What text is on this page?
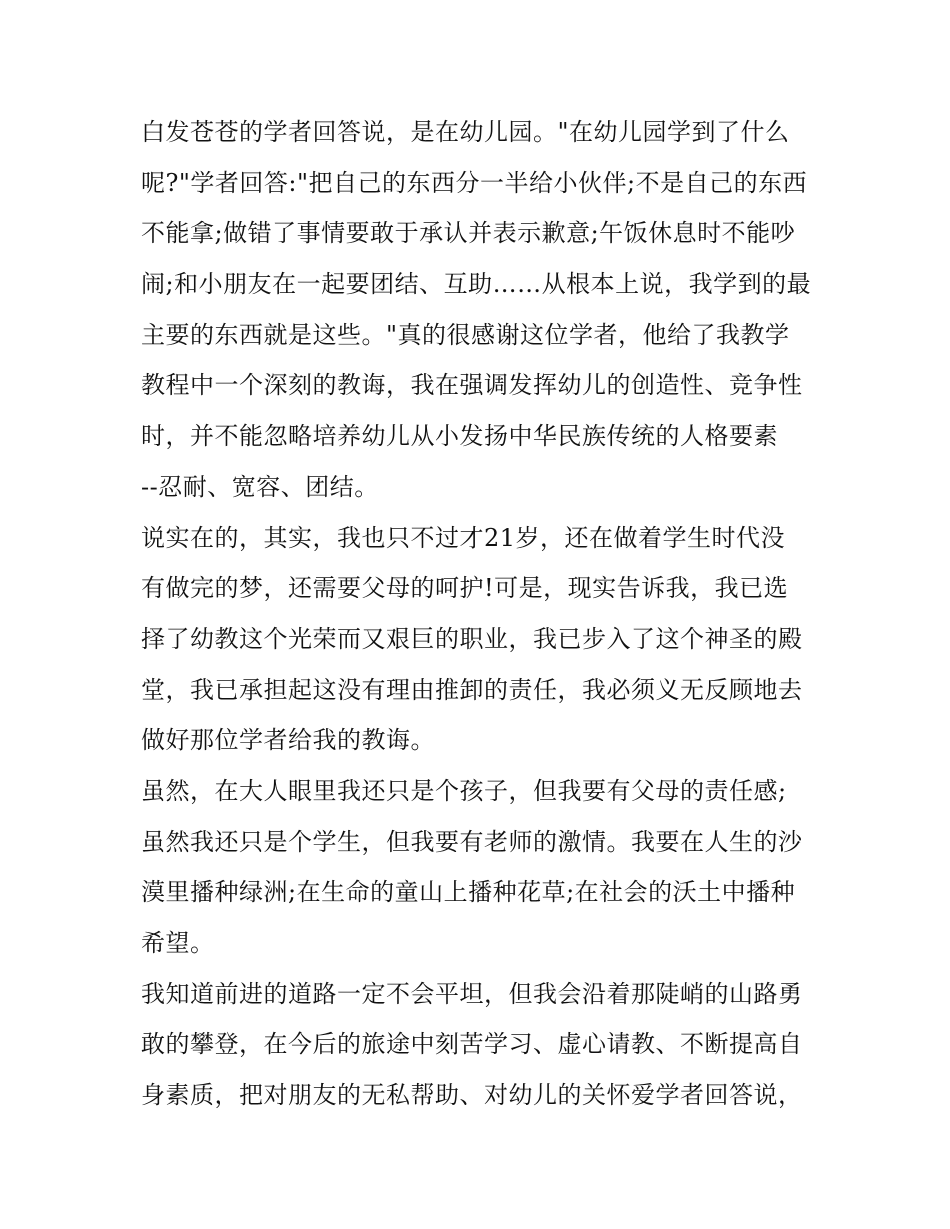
白发苍苍的学者回答说，是在幼儿园。"在幼儿园学到了什么
呢?"学者回答:"把自己的东西分一半给小伙伴;不是自己的东西
不能拿;做错了事情要敢于承认并表示歉意;午饭休息时不能吵
闹;和小朋友在一起要团结、互助……从根本上说，我学到的最
主要的东西就是这些。"真的很感谢这位学者，他给了我教学
教程中一个深刻的教诲，我在强调发挥幼儿的创造性、竞争性
时，并不能忽略培养幼儿从小发扬中华民族传统的人格要素
--忍耐、宽容、团结。
说实在的，其实，我也只不过才21岁，还在做着学生时代没
有做完的梦，还需要父母的呵护!可是，现实告诉我，我已选
择了幼教这个光荣而又艰巨的职业，我已步入了这个神圣的殿
堂，我已承担起这没有理由推卸的责任，我必须义无反顾地去
做好那位学者给我的教诲。
虽然，在大人眼里我还只是个孩子，但我要有父母的责任感;
虽然我还只是个学生，但我要有老师的激情。我要在人生的沙
漠里播种绿洲;在生命的童山上播种花草;在社会的沃土中播种
希望。
我知道前进的道路一定不会平坦，但我会沿着那陡峭的山路勇
敢的攀登，在今后的旅途中刻苦学习、虚心请教、不断提高自
身素质，把对朋友的无私帮助、对幼儿的关怀爱学者回答说，
